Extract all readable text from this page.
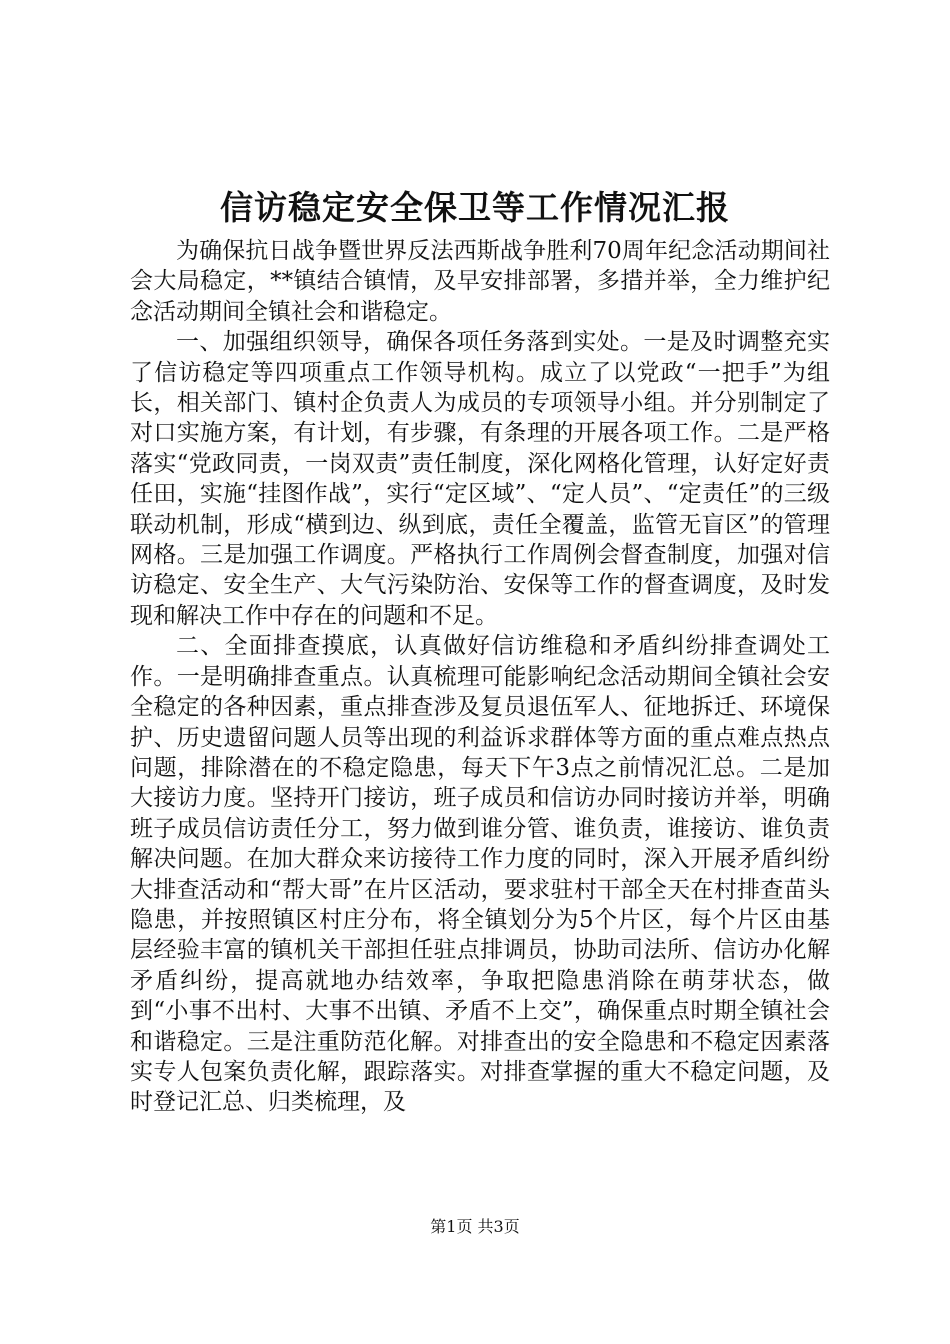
信访稳定安全保卫等工作情况汇报

为确保抗日战争暨世界反法西斯战争胜利70周年纪念活动期间社会大局稳定，**镇结合镇情，及早安排部署，多措并举，全力维护纪念活动期间全镇社会和谐稳定。

一、加强组织领导，确保各项任务落到实处。一是及时调整充实了信访稳定等四项重点工作领导机构。成立了以党政“一把手”为组长，相关部门、镇村企负责人为成员的专项领导小组。并分别制定了对口实施方案，有计划，有步骤，有条理的开展各项工作。二是严格落实“党政同责，一岗双责”责任制度，深化网格化管理，认好定好责任田，实施“挂图作战”，实行“定区域”、“定人员”、“定责任”的三级联动机制，形成“横到边、纵到底，责任全覆盖，监管无盲区”的管理网格。三是加强工作调度。严格执行工作周例会督查制度，加强对信访稳定、安全生产、大气污染防治、安保等工作的督查调度，及时发现和解决工作中存在的问题和不足。

二、全面排查摸底，认真做好信访维稳和矛盾纠纷排查调处工作。一是明确排查重点。认真梳理可能影响纪念活动期间全镇社会安全稳定的各种因素，重点排查涉及复员退伍军人、征地拆迁、环境保护、历史遗留问题人员等出现的利益诉求群体等方面的重点难点热点问题，排除潜在的不稳定隐患，每天下午3点之前情况汇总。二是加大接访力度。坚持开门接访，班子成员和信访办同时接访并举，明确班子成员信访责任分工，努力做到谁分管、谁负责，谁接访、谁负责解决问题。在加大群众来访接待工作力度的同时，深入开展矛盾纠纷大排查活动和“帮大哥”在片区活动，要求驻村干部全天在村排查苗头隐患，并按照镇区村庄分布，将全镇划分为5个片区，每个片区由基层经验丰富的镇机关干部担任驻点排调员，协助司法所、信访办化解矛盾纠纷，提高就地办结效率，争取把隐患消除在萌芽状态，做到“小事不出村、大事不出镇、矛盾不上交”，确保重点时期全镇社会和谐稳定。三是注重防范化解。对排查出的安全隐患和不稳定因素落实专人包案负责化解，跟踪落实。对排查掌握的重大不稳定问题，及时登记汇总、归类梳理，及

第1页 共3页
